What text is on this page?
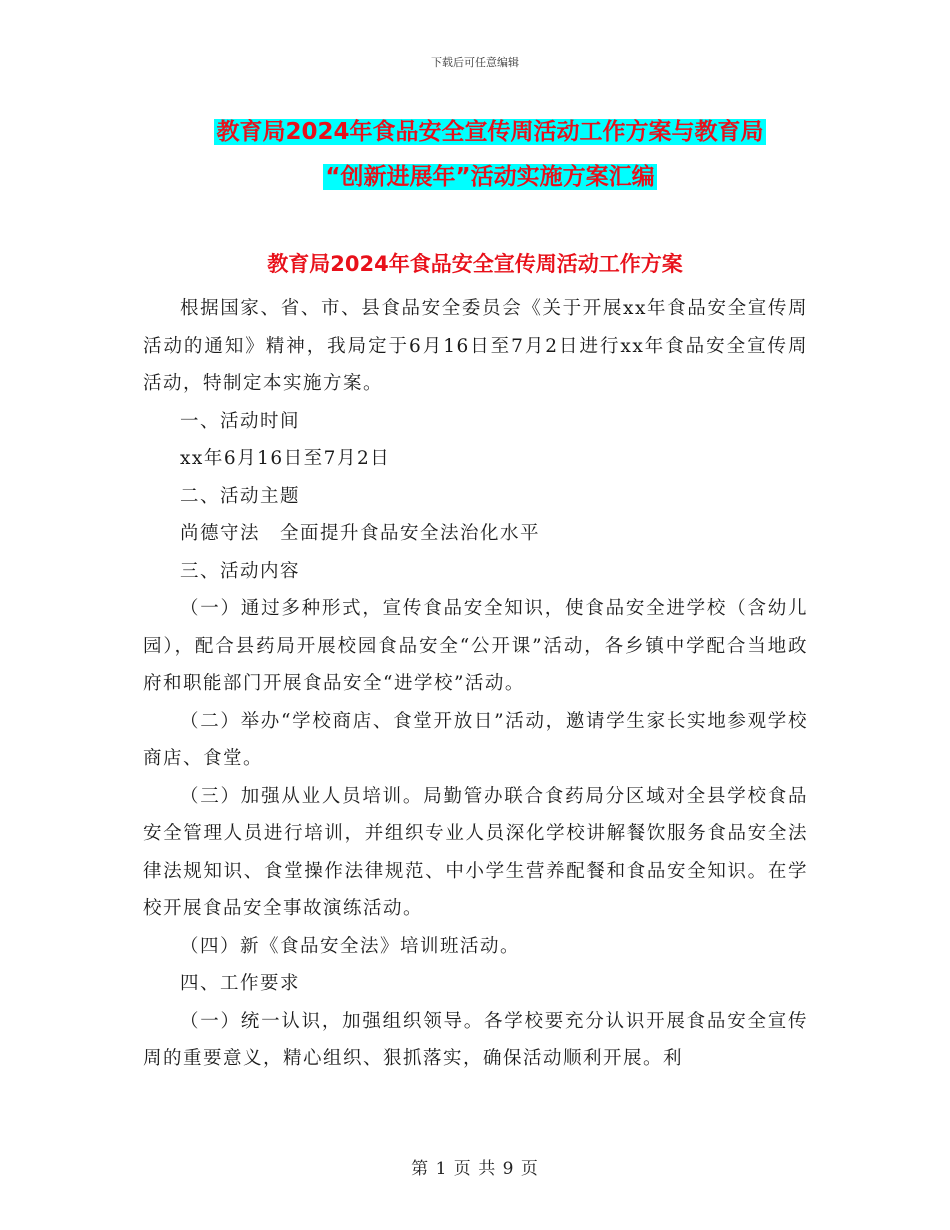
下载后可任意编辑
教育局2024年食品安全宣传周活动工作方案与教育局
“创新进展年”活动实施方案汇编
教育局2024年食品安全宣传周活动工作方案

根据国家、省、市、县食品安全委员会《关于开展xx年食品安全宣传周活动的通知》精神，我局定于6月16日至7月2日进行xx年食品安全宣传周活动，特制定本实施方案。

一、活动时间

xx年6月16日至7月2日

二、活动主题

尚德守法　全面提升食品安全法治化水平

三、活动内容

（一）通过多种形式，宣传食品安全知识，使食品安全进学校（含幼儿园），配合县药局开展校园食品安全“公开课”活动，各乡镇中学配合当地政府和职能部门开展食品安全“进学校”活动。

（二）举办“学校商店、食堂开放日”活动，邀请学生家长实地参观学校商店、食堂。

（三）加强从业人员培训。局勤管办联合食药局分区域对全县学校食品安全管理人员进行培训，并组织专业人员深化学校讲解餐饮服务食品安全法律法规知识、食堂操作法律规范、中小学生营养配餐和食品安全知识。在学校开展食品安全事故演练活动。

（四）新《食品安全法》培训班活动。

四、工作要求

（一）统一认识，加强组织领导。各学校要充分认识开展食品安全宣传周的重要意义，精心组织、狠抓落实，确保活动顺利开展。利

第 1 页 共 9 页
